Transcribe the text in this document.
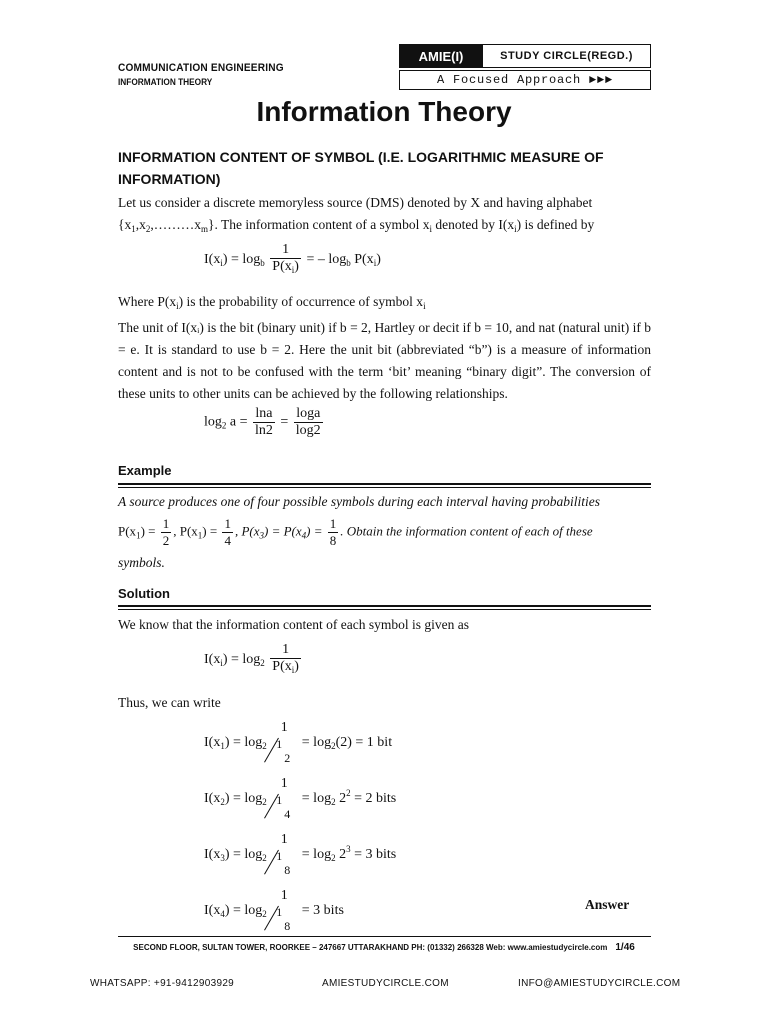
COMMUNICATION ENGINEERING
INFORMATION THEORY
AMIE(I)	STUDY CIRCLE(REGD.)
A Focused Approach ►►►
Information Theory
INFORMATION CONTENT OF SYMBOL (I.E. LOGARITHMIC MEASURE OF INFORMATION)
Let us consider a discrete memoryless source (DMS) denoted by X and having alphabet
$\{x_1,x_2,\dots\dots\dots x_m\}$. The information content of a symbol $x_i$ denoted by $I(x_i)$ is defined by
$I(x_i) = \log_b \frac{1}{P(x_i)}$ = – $\log_b P(x_i)$
Where $P(x_i)$ is the probability of occurrence of symbol $x_i$
The unit of I(xᵢ) is the bit (binary unit) if b = 2, Hartley or decit if b = 10, and nat (natural unit) if b = e. It is standard to use b = 2. Here the unit bit (abbreviated “b”) is a measure of information content and is not to be confused with the term ‘bit’ meaning “binary digit”. The conversion of these units to other units can be achieved by the following relationships.
$\log_2 a = \frac{\ln a}{\ln 2} = \frac{\log a}{\log 2}$
Example
A source produces one of four possible symbols during each interval having probabilities
$P(x_1) = \frac{1}{2}$ , $P(x_1) = \frac{1}{4}$ , $P(x_3) = P(x_4) = \frac{1}{8}$ . Obtain the information content of each of these
symbols.
Solution
We know that the information content of each symbol is given as
$I(x_i) = \log_2 \frac{1}{P(x_i)}$
Thus, we can write
$I(x_1) = \log_2$
1
1
2
= $\log_2(2) = 1$ bit
$I(x_2) = \log_2$
1
1
4
= $\log_2 2^2 = 2$ bits
$I(x_3) = \log_2$
1
1
8
= $\log_2 2^3 = 3$ bits
$I(x_4) = \log_2$
1
1
8
= 3 bits	Answer
SECOND FLOOR, SULTAN TOWER, ROORKEE – 247667 UTTARAKHAND PH: (01332) 266328 Web: www.amiestudycircle.com 1/46
WHATSAPP: +91-9412903929	AMIESTUDYCIRCLE.COM	INFO@AMIESTUDYCIRCLE.COM
